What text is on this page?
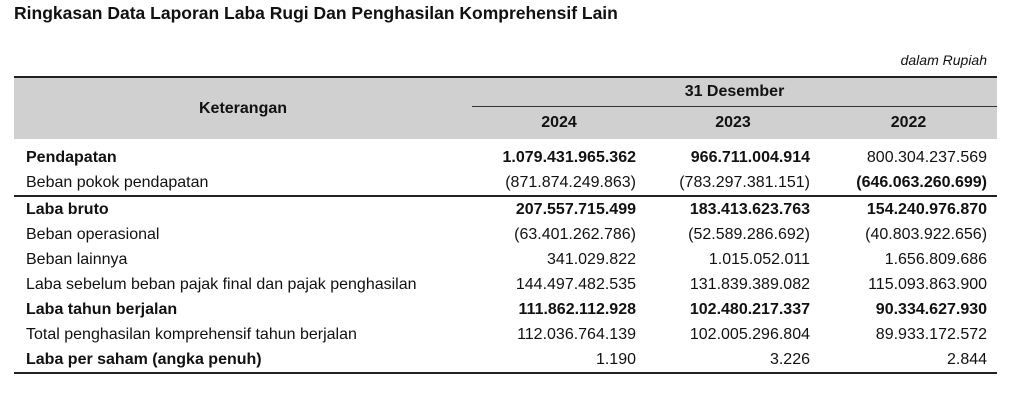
Ringkasan Data Laporan Laba Rugi Dan Penghasilan Komprehensif Lain
dalam Rupiah
Keterangan	31 Desember		
	2024	2023	2022
Pendapatan	1.079.431.965.362	966.711.004.914	800.304.237.569
Beban pokok pendapatan	(871.874.249.863)	(783.297.381.151)	(646.063.260.699)
Laba bruto	207.557.715.499	183.413.623.763	154.240.976.870
Beban operasional	(63.401.262.786)	(52.589.286.692)	(40.803.922.656)
Beban lainnya	341.029.822	1.015.052.011	1.656.809.686
Laba sebelum beban pajak final dan pajak penghasilan	144.497.482.535	131.839.389.082	115.093.863.900
Laba tahun berjalan	111.862.112.928	102.480.217.337	90.334.627.930
Total penghasilan komprehensif tahun berjalan	112.036.764.139	102.005.296.804	89.933.172.572
Laba per saham (angka penuh)	1.190	3.226	2.844
